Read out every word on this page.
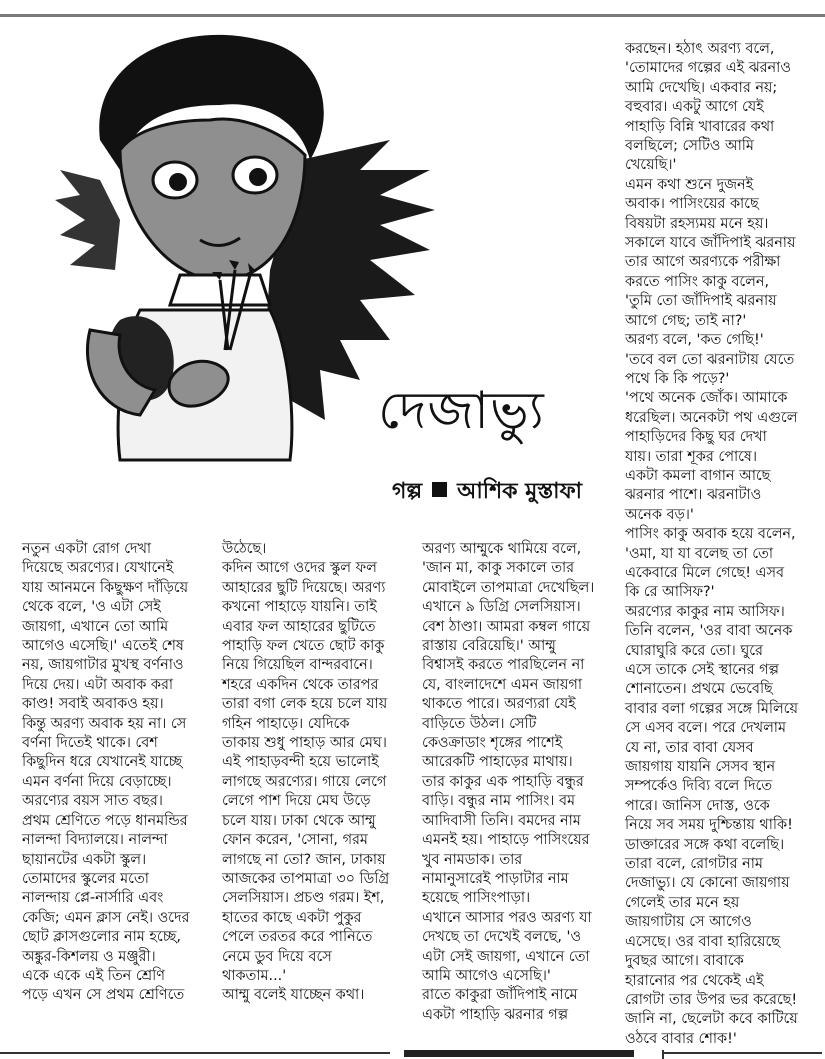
দেজাভ্যু
গল্প আশিক মুস্তাফা
করছেন। হঠাৎ অরণ্য বলে,
'তোমাদের গল্পের এই ঝরনাও
আমি দেখেছি। একবার নয়;
বহুবার। একটু আগে যেই
পাহাড়ি বিন্নি খাবারের কথা
বলছিলে; সেটিও আমি
খেয়েছি।'
এমন কথা শুনে দুজনই
অবাক। পাসিংয়ের কাছে
বিষয়টা রহস্যময় মনে হয়।
সকালে যাবে জাঁদিপাই ঝরনায়
তার আগে অরণ্যকে পরীক্ষা
করতে পাসিং কাকু বলেন,
'তুমি তো জাঁদিপাই ঝরনায়
আগে গেছ; তাই না?'
অরণ্য বলে, 'কত গেছি!'
'তবে বল তো ঝরনাটায় যেতে
পথে কি কি পড়ে?'
'পথে অনেক জোঁক। আমাকে
ধরেছিল। অনেকটা পথ এগুলে
পাহাড়িদের কিছু ঘর দেখা
যায়। তারা শূকর পোষে।
একটা কমলা বাগান আছে
ঝরনার পাশে। ঝরনাটাও
অনেক বড়।'
পাসিং কাকু অবাক হয়ে বলেন,
'ওমা, যা যা বলেছ তা তো
একেবারে মিলে গেছে! এসব
কি রে আসিফ?'
অরণ্যের কাকুর নাম আসিফ।
তিনি বলেন, 'ওর বাবা অনেক
ঘোরাঘুরি করে তো। ঘুরে
এসে তাকে সেই স্থানের গল্প
শোনাতেন। প্রথমে ভেবেছি
বাবার বলা গল্পের সঙ্গে মিলিয়ে
সে এসব বলে। পরে দেখলাম
যে না, তার বাবা যেসব
জায়গায় যায়নি সেসব স্থান
সম্পর্কেও দিব্যি বলে দিতে
পারে। জানিস দোস্ত, ওকে
নিয়ে সব সময় দুশ্চিন্তায় থাকি!
ডাক্তারের সঙ্গে কথা বলেছি।
তারা বলে, রোগটার নাম
দেজাভ্যু। যে কোনো জায়গায়
গেলেই তার মনে হয়
জায়গাটায় সে আগেও
এসেছে। ওর বাবা হারিয়েছে
দুবছর আগে। বাবাকে
হারানোর পর থেকেই এই
রোগটা তার উপর ভর করেছে!
জানি না, ছেলেটা কবে কাটিয়ে
ওঠবে বাবার শোক!'
নতুন একটা রোগ দেখা
দিয়েছে অরণ্যের। যেখানেই
যায় আনমনে কিছুক্ষণ দাঁড়িয়ে
থেকে বলে, 'ও এটা সেই
জায়গা, এখানে তো আমি
আগেও এসেছি।' এতেই শেষ
নয়, জায়গাটার মুখস্থ বর্ণনাও
দিয়ে দেয়। এটা অবাক করা
কাণ্ড! সবাই অবাকও হয়।
কিন্তু অরণ্য অবাক হয় না। সে
বর্ণনা দিতেই থাকে। বেশ
কিছুদিন ধরে যেখানেই যাচ্ছে
এমন বর্ণনা দিয়ে বেড়াচ্ছে।
অরণ্যের বয়স সাত বছর।
প্রথম শ্রেণিতে পড়ে ধানমন্ডির
নালন্দা বিদ্যালয়ে। নালন্দা
ছায়ানটের একটা স্কুল।
তোমাদের স্কুলের মতো
নালন্দায় প্লে-নার্সারি এবং
কেজি; এমন ক্লাস নেই। ওদের
ছোট ক্লাসগুলোর নাম হচ্ছে,
অঙ্কুর-কিশলয় ও মঞ্জুরী।
একে একে এই তিন শ্রেণি
পড়ে এখন সে প্রথম শ্রেণিতে
উঠেছে।
কদিন আগে ওদের স্কুল ফল
আহারের ছুটি দিয়েছে। অরণ্য
কখনো পাহাড়ে যায়নি। তাই
এবার ফল আহারের ছুটিতে
পাহাড়ি ফল খেতে ছোট কাকু
নিয়ে গিয়েছিল বান্দরবানে।
শহরে একদিন থেকে তারপর
তারা বগা লেক হয়ে চলে যায়
গহিন পাহাড়ে। যেদিকে
তাকায় শুধু পাহাড় আর মেঘ।
এই পাহাড়বন্দী হয়ে ভালোই
লাগছে অরণ্যের। গায়ে লেগে
লেগে পাশ দিয়ে মেঘ উড়ে
চলে যায়। ঢাকা থেকে আম্মু
ফোন করেন, 'সোনা, গরম
লাগছে না তো? জান, ঢাকায়
আজকের তাপমাত্রা ৩০ ডিগ্রি
সেলসিয়াস। প্রচণ্ড গরম। ইশ,
হাতের কাছে একটা পুকুর
পেলে তরতর করে পানিতে
নেমে ডুব দিয়ে বসে
থাকতাম...'
আম্মু বলেই যাচ্ছেন কথা।
অরণ্য আম্মুকে থামিয়ে বলে,
'জান মা, কাকু সকালে তার
মোবাইলে তাপমাত্রা দেখেছিল।
এখানে ৯ ডিগ্রি সেলসিয়াস।
বেশ ঠাণ্ডা। আমরা কম্বল গায়ে
রাস্তায় বেরিয়েছি।' আম্মু
বিশ্বাসই করতে পারছিলেন না
যে, বাংলাদেশে এমন জায়গা
থাকতে পারে। অরণ্যরা যেই
বাড়িতে উঠল। সেটি
কেওক্রাডাং শৃঙ্গের পাশেই
আরেকটি পাহাড়ের মাথায়।
তার কাকুর এক পাহাড়ি বন্ধুর
বাড়ি। বন্ধুর নাম পাসিং। বম
আদিবাসী তিনি। বমদের নাম
এমনই হয়। পাহাড়ে পাসিংয়ের
খুব নামডাক। তার
নামানুসারেই পাড়াটার নাম
হয়েছে পাসিংপাড়া।
এখানে আসার পরও অরণ্য যা
দেখছে তা দেখেই বলছে, 'ও
এটা সেই জায়গা, এখানে তো
আমি আগেও এসেছি।'
রাতে কাকুরা জাঁদিপাই নামে
একটা পাহাড়ি ঝরনার গল্প
